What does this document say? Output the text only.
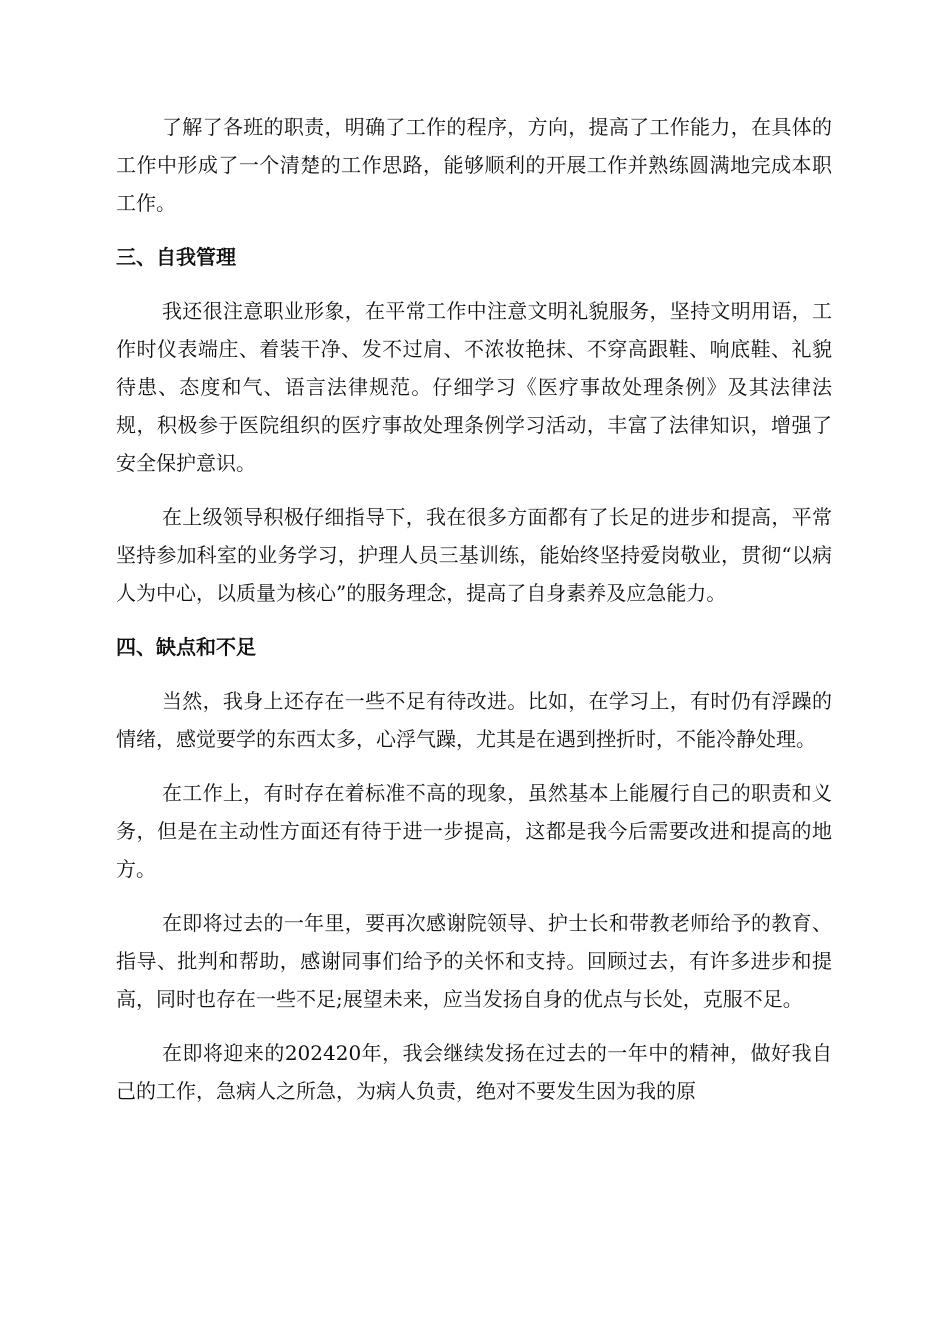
了解了各班的职责，明确了工作的程序，方向，提高了工作能力，在具体的工作中形成了一个清楚的工作思路，能够顺利的开展工作并熟练圆满地完成本职工作。

三、自我管理

我还很注意职业形象，在平常工作中注意文明礼貌服务，坚持文明用语，工作时仪表端庄、着装干净、发不过肩、不浓妆艳抹、不穿高跟鞋、响底鞋、礼貌待患、态度和气、语言法律规范。仔细学习《医疗事故处理条例》及其法律法规，积极参于医院组织的医疗事故处理条例学习活动，丰富了法律知识，增强了安全保护意识。

在上级领导积极仔细指导下，我在很多方面都有了长足的进步和提高，平常坚持参加科室的业务学习，护理人员三基训练，能始终坚持爱岗敬业，贯彻“以病人为中心，以质量为核心”的服务理念，提高了自身素养及应急能力。

四、缺点和不足

当然，我身上还存在一些不足有待改进。比如，在学习上，有时仍有浮躁的情绪，感觉要学的东西太多，心浮气躁，尤其是在遇到挫折时，不能冷静处理。

在工作上，有时存在着标准不高的现象，虽然基本上能履行自己的职责和义务，但是在主动性方面还有待于进一步提高，这都是我今后需要改进和提高的地方。

在即将过去的一年里，要再次感谢院领导、护士长和带教老师给予的教育、指导、批判和帮助，感谢同事们给予的关怀和支持。回顾过去，有许多进步和提高，同时也存在一些不足;展望未来，应当发扬自身的优点与长处，克服不足。

在即将迎来的202420年，我会继续发扬在过去的一年中的精神，做好我自己的工作，急病人之所急，为病人负责，绝对不要发生因为我的原
